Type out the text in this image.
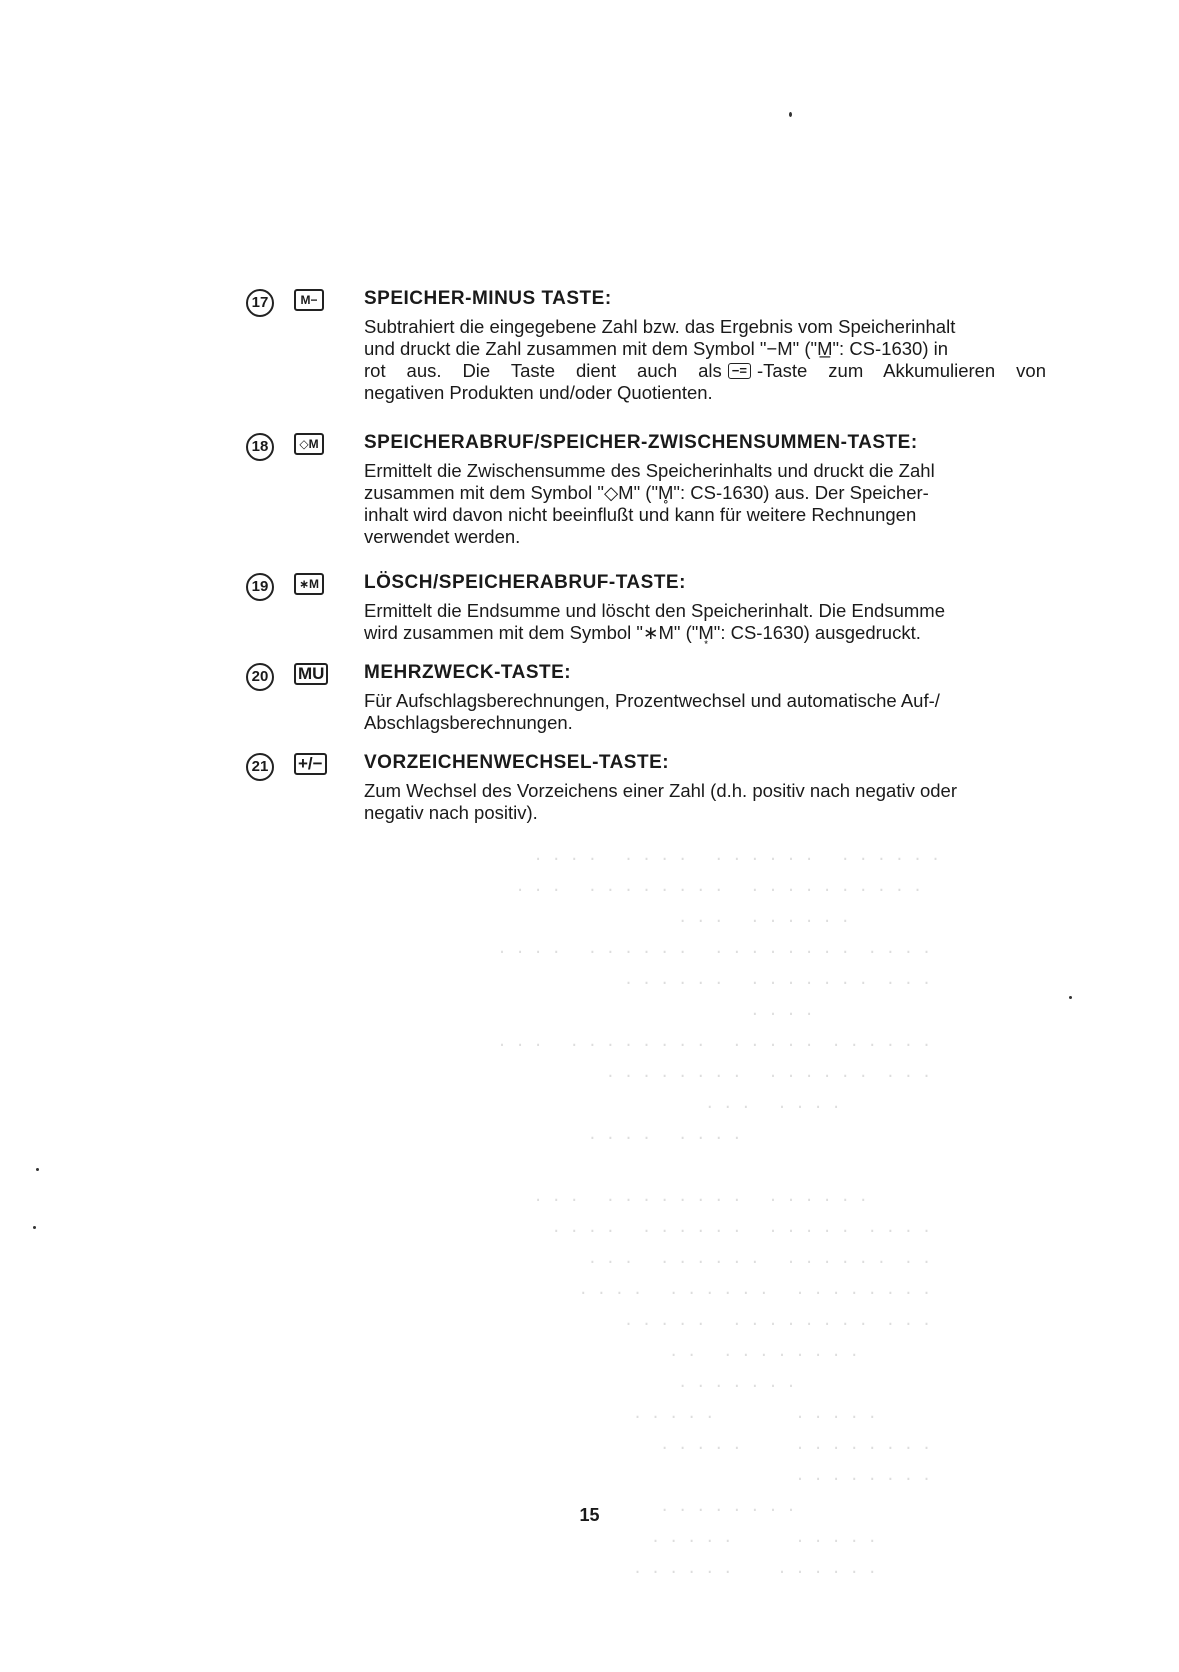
17	M−	SPEICHER-MINUS TASTE:
Subtrahiert die eingegebene Zahl bzw. das Ergebnis vom Speicherinhalt
und druckt die Zahl zusammen mit dem Symbol "−M" ("M̲": CS-1630) in
rot aus. Die Taste dient auch als −= -Taste zum Akkumulieren von
negativen Produkten und/oder Quotienten.
18	◇M SPEICHERABRUF/SPEICHER-ZWISCHENSUMMEN-TASTE:
Ermittelt die Zwischensumme des Speicherinhalts und druckt die Zahl
zusammen mit dem Symbol "◇M" ("M̥": CS-1630) aus. Der Speicher-
inhalt wird davon nicht beeinflußt und kann für weitere Rechnungen
verwendet werden.
19	∗M LÖSCH/SPEICHERABRUF-TASTE:
Ermittelt die Endsumme und löscht den Speicherinhalt. Die Endsumme
wird zusammen mit dem Symbol "∗M" ("M͙": CS-1630) ausgedruckt.
20	MU MEHRZWECK-TASTE:
Für Aufschlagsberechnungen, Prozentwechsel und automatische Auf-/
Abschlagsberechnungen.
21	+/− VORZEICHENWECHSEL-TASTE:
Zum Wechsel des Vorzeichens einer Zahl (d.h. positiv nach negativ oder
negativ nach positiv).
. . . . . .   . . . . . .   . . . .   . . . .
. . . . . . . . . .   . . . . . . . .   . . .
. . . . . .   . . .
. . . .  . . . . . . . .   . . . . . .   . . . .
. . .  . . . . . . .   . . . . . .
. . . .
. . . . . .  . . . . .   . . . . . . . .   . . .
. . .  . . . . . .   . . . . . . . .
. . . .   . . .
. . . .   . . . .

. . . . . .   . . . . . . . .   . . .
. . . .  . . . . .   . . . . . .   . . . .
. .  . . . . . .   . . . . . .   . . .
. . . . . . . .   . . . . . .   . . . .
. . .  . . . . . . . .   . . . . .
. . . . . . . .   . .
. . . . . . .
. . . . .         . . . . .
. . . . . . . .      . . . . .
. . . . . . . .
. . . . . . . .
. . . . .       . . . . .
. . . . . .     . . . . . .
15
